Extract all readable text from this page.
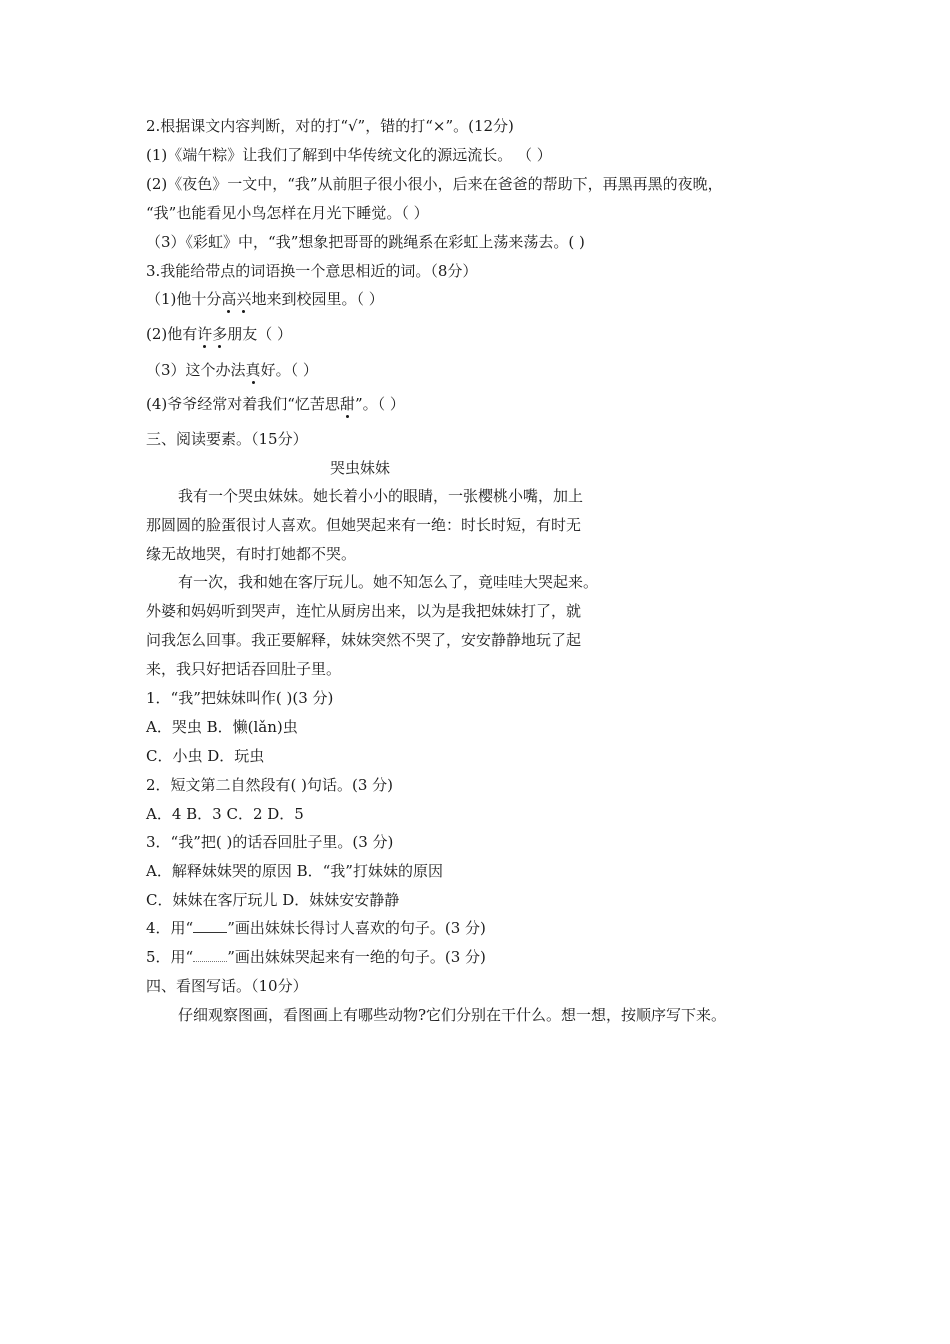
2.根据课文内容判断，对的打“√”，错的打“×”。(12分)
(1)《端午粽》让我们了解到中华传统文化的源远流长。 （ ）
(2)《夜色》一文中，“我”从前胆子很小很小，后来在爸爸的帮助下，再黑再黑的夜晚，
“我”也能看见小鸟怎样在月光下睡觉。（ ）
（3）《彩虹》中，“我”想象把哥哥的跳绳系在彩虹上荡来荡去。( )
3.我能给带点的词语换一个意思相近的词。（8分）
（1)他十分高兴地来到校园里。（ ）
(2)他有许多朋友（ ）
（3）这个办法真好。（ ）
(4)爷爷经常对着我们“忆苦思甜”。（ ）
三、阅读要素。（15分）
哭虫妹妹
我有一个哭虫妹妹。她长着小小的眼睛，一张樱桃小嘴，加上
那圆圆的脸蛋很讨人喜欢。但她哭起来有一绝：时长时短，有时无
缘无故地哭，有时打她都不哭。
有一次，我和她在客厅玩儿。她不知怎么了，竟哇哇大哭起来。
外婆和妈妈听到哭声，连忙从厨房出来，以为是我把妹妹打了，就
问我怎么回事。我正要解释，妹妹突然不哭了，安安静静地玩了起
来，我只好把话吞回肚子里。
1．“我”把妹妹叫作( )(3 分)
A．哭虫 B．懒(lǎn)虫
C．小虫 D．玩虫
2．短文第二自然段有( )句话。(3 分)
A．4 B．3 C．2 D．5
3．“我”把( )的话吞回肚子里。(3 分)
A．解释妹妹哭的原因 B．“我”打妹妹的原因
C．妹妹在客厅玩儿 D．妹妹安安静静
4．用“ ”画出妹妹长得讨人喜欢的句子。(3 分)
5．用“ ”画出妹妹哭起来有一绝的句子。(3 分)
四、看图写话。（10分）
仔细观察图画，看图画上有哪些动物?它们分别在干什么。想一想，按顺序写下来。
